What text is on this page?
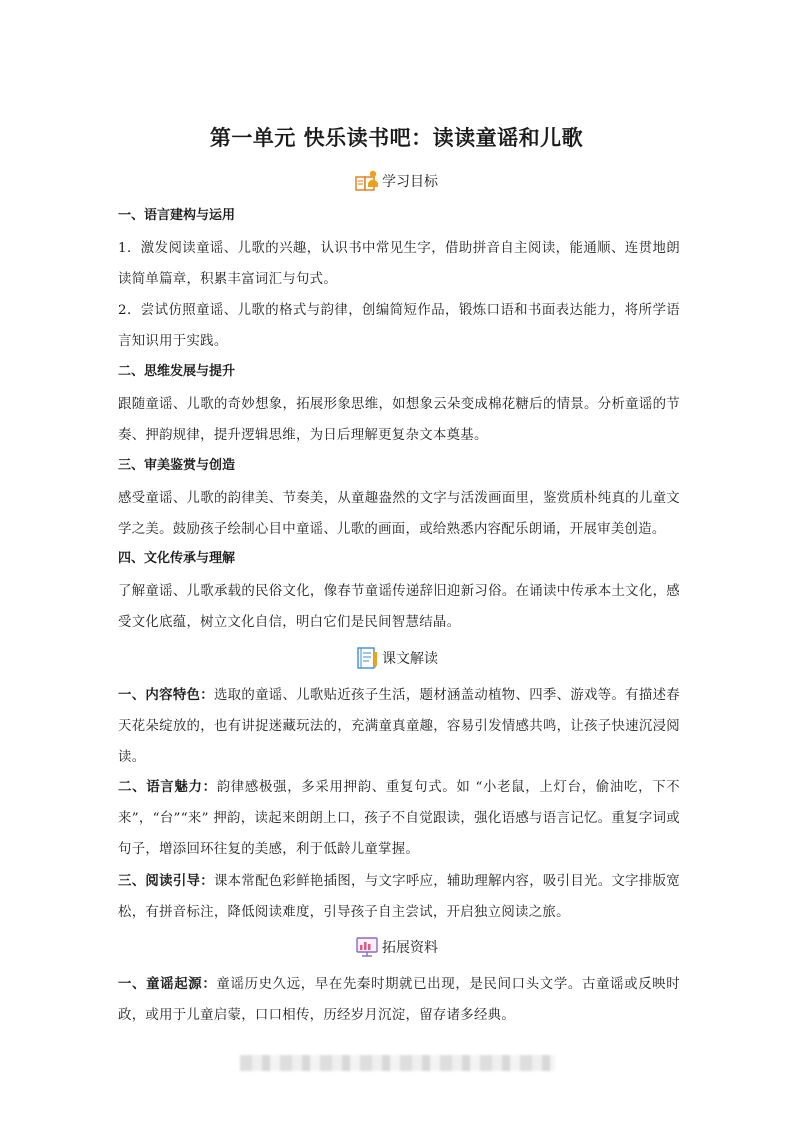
第一单元 快乐读书吧：读读童谣和儿歌
学习目标
一、语言建构与运用
1．激发阅读童谣、儿歌的兴趣，认识书中常见生字，借助拼音自主阅读，能通顺、连贯地朗读简单篇章，积累丰富词汇与句式。
2．尝试仿照童谣、儿歌的格式与韵律，创编简短作品，锻炼口语和书面表达能力，将所学语言知识用于实践。
二、思维发展与提升
跟随童谣、儿歌的奇妙想象，拓展形象思维，如想象云朵变成棉花糖后的情景。分析童谣的节奏、押韵规律，提升逻辑思维，为日后理解更复杂文本奠基。
三、审美鉴赏与创造
感受童谣、儿歌的韵律美、节奏美，从童趣盎然的文字与活泼画面里，鉴赏质朴纯真的儿童文学之美。鼓励孩子绘制心目中童谣、儿歌的画面，或给熟悉内容配乐朗诵，开展审美创造。
四、文化传承与理解
了解童谣、儿歌承载的民俗文化，像春节童谣传递辞旧迎新习俗。在诵读中传承本土文化，感受文化底蕴，树立文化自信，明白它们是民间智慧结晶。
课文解读
一、内容特色：选取的童谣、儿歌贴近孩子生活，题材涵盖动植物、四季、游戏等。有描述春天花朵绽放的，也有讲捉迷藏玩法的，充满童真童趣，容易引发情感共鸣，让孩子快速沉浸阅读。
二、语言魅力：韵律感极强，多采用押韵、重复句式。如 “小老鼠，上灯台，偷油吃，下不来”，“台”“来” 押韵，读起来朗朗上口，孩子不自觉跟读，强化语感与语言记忆。重复字词或句子，增添回环往复的美感，利于低龄儿童掌握。
三、阅读引导：课本常配色彩鲜艳插图，与文字呼应，辅助理解内容，吸引目光。文字排版宽松，有拼音标注，降低阅读难度，引导孩子自主尝试，开启独立阅读之旅。
拓展资料
一、童谣起源：童谣历史久远，早在先秦时期就已出现，是民间口头文学。古童谣或反映时政，或用于儿童启蒙，口口相传，历经岁月沉淀，留存诸多经典。
